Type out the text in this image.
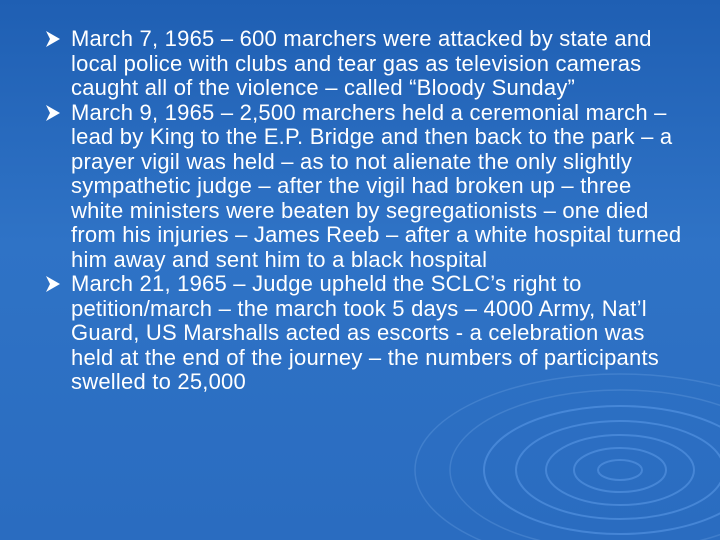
March 7, 1965 – 600 marchers were attacked by state and local police with clubs and tear gas as television cameras caught all of the violence – called “Bloody Sunday”
March 9, 1965 – 2,500 marchers held a ceremonial march – lead by King to the E.P. Bridge and then back to the park – a prayer vigil was held – as to not alienate the only slightly sympathetic judge – after the vigil had broken up – three white ministers were beaten by segregationists – one died from his injuries – James Reeb – after a white hospital turned him away and sent him to a black hospital
March 21, 1965 – Judge upheld the SCLC’s right to petition/march – the march took 5 days – 4000 Army, Nat’l Guard, US Marshalls acted as escorts - a celebration was held at the end of the journey – the numbers of participants swelled to 25,000
